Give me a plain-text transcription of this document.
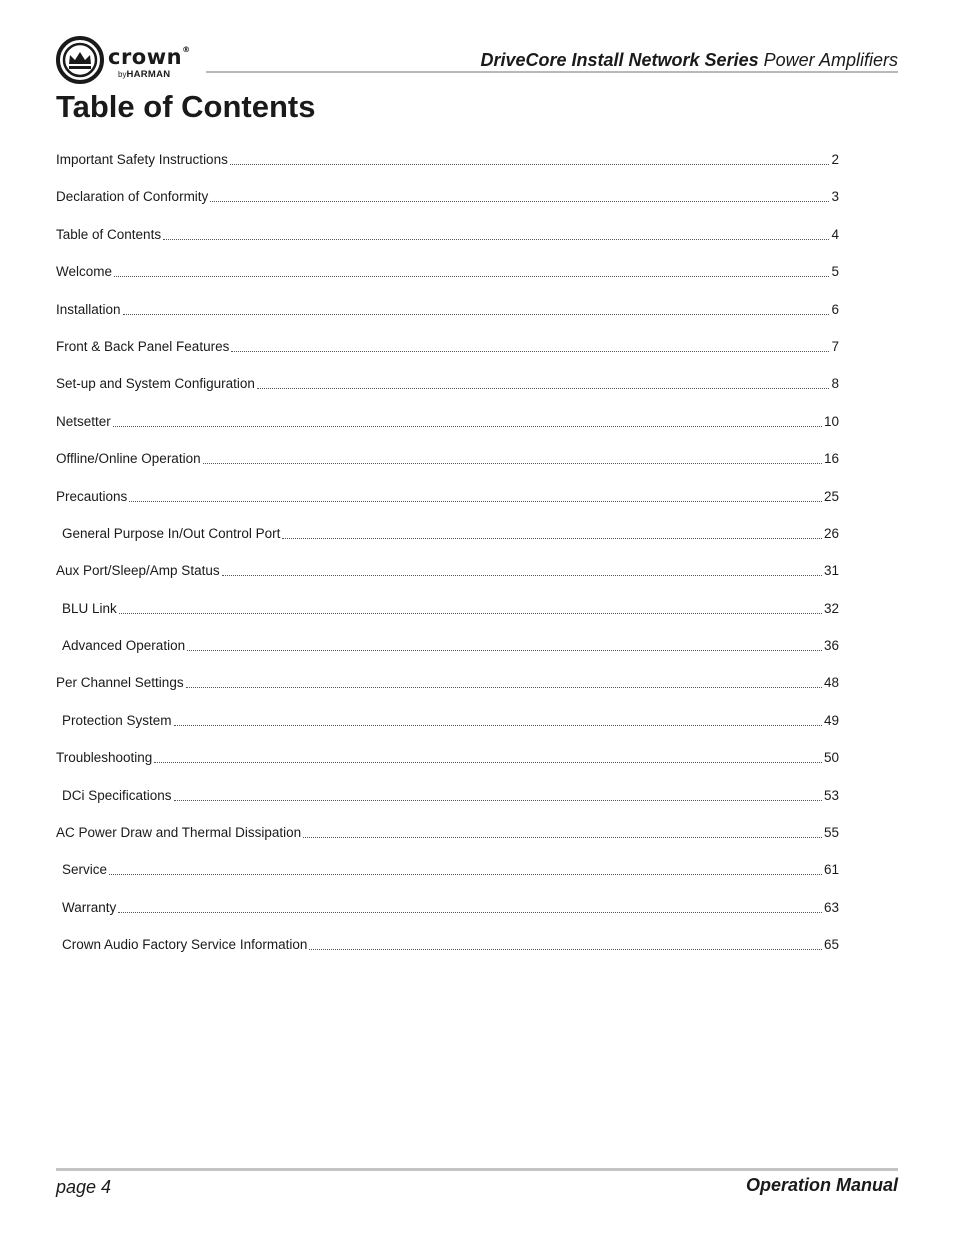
crown®
byHARMAN
DriveCore Install Network Series Power Amplifiers
Table of Contents
Important Safety Instructions	2
Declaration of Conformity	3
Table of Contents	4
Welcome	5
Installation	6
Front & Back Panel Features	7
Set-up and System Configuration	8
Netsetter	10
Offline/Online Operation	16
Precautions	25
General Purpose In/Out Control Port	26
Aux Port/Sleep/Amp Status	31
BLU Link	32
Advanced Operation	36
Per Channel Settings	48
Protection System	49
Troubleshooting	50
DCi Specifications	53
AC Power Draw and Thermal Dissipation	55
Service	61
Warranty	63
Crown Audio Factory Service Information	65
page 4	Operation Manual
